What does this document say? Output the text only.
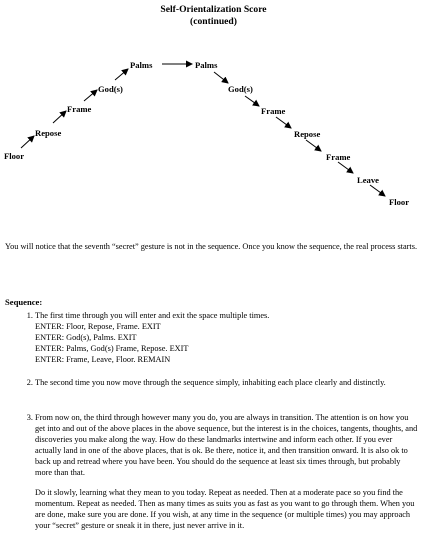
Self-Orientalization Score
(continued)
Floor
Repose
Frame
God(s)
Palms	Palms
God(s)
Frame
Repose
Frame
Leave
Floor

You will notice that the seventh “secret” gesture is not in the sequence. Once you know the sequence, the real process starts.

Sequence:
1. The first time through you will enter and exit the space multiple times.
ENTER: Floor, Repose, Frame. EXIT
ENTER: God(s), Palms. EXIT
ENTER: Palms, God(s) Frame, Repose. EXIT
ENTER: Frame, Leave, Floor. REMAIN
2. The second time you now move through the sequence simply, inhabiting each place clearly and distinctly.
3. From now on, the third through however many you do, you are always in transition. The attention is on how you get into and out of the above places in the above sequence, but the interest is in the choices, tangents, thoughts, and discoveries you make along the way. How do these landmarks intertwine and inform each other. If you ever actually land in one of the above places, that is ok. Be there, notice it, and then transition onward. It is also ok to back up and retread where you have been. You should do the sequence at least six times through, but probably more than that.
Do it slowly, learning what they mean to you today. Repeat as needed. Then at a moderate pace so you find the momentum. Repeat as needed. Then as many times as suits you as fast as you want to go through them. When you are done, make sure you are done. If you wish, at any time in the sequence (or multiple times) you may approach your “secret” gesture or sneak it in there, just never arrive in it.
